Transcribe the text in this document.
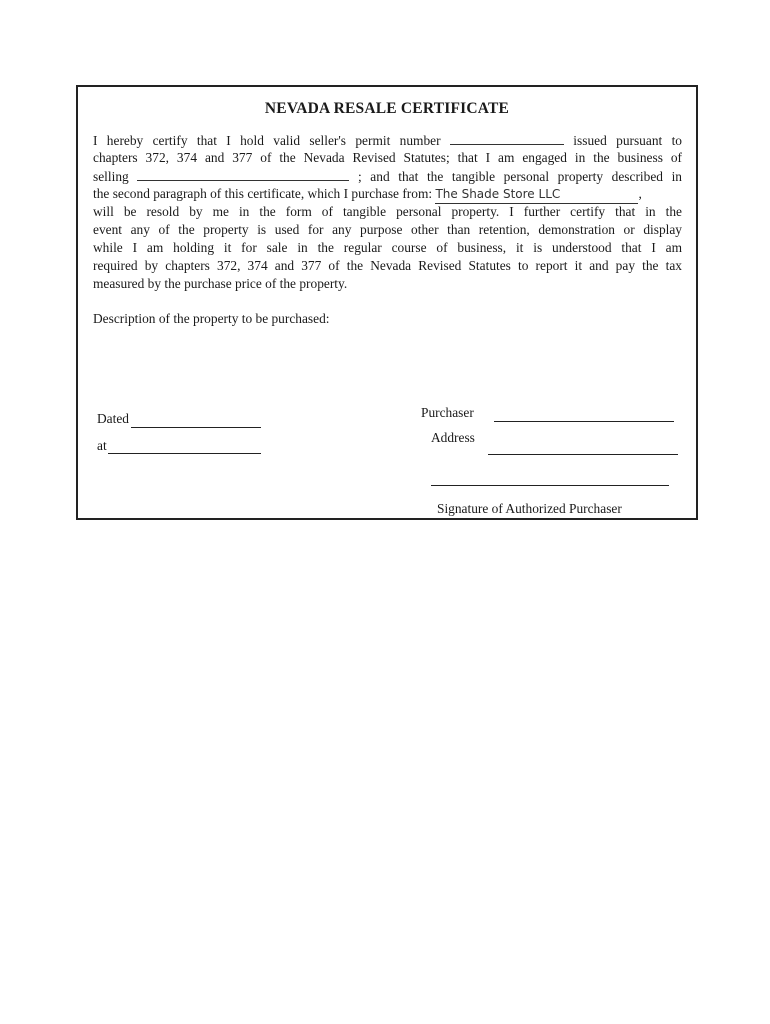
NEVADA RESALE CERTIFICATE
I hereby certify that I hold valid seller's permit number	issued pursuant to
chapters 372, 374 and 377 of the Nevada Revised Statutes; that I am engaged in the business of
selling	; and that the tangible personal property described in
the second paragraph of this certificate, which I purchase from: The Shade Store LLC	,
will be resold by me in the form of tangible personal property. I further certify that in the
event any of the property is used for any purpose other than retention, demonstration or display
while I am holding it for sale in the regular course of business, it is understood that I am
required by chapters 372, 374 and 377 of the Nevada Revised Statutes to report it and pay the tax
measured by the purchase price of the property.
Description of the property to be purchased:
Dated
at
Purchaser
Address
Signature of Authorized Purchaser
